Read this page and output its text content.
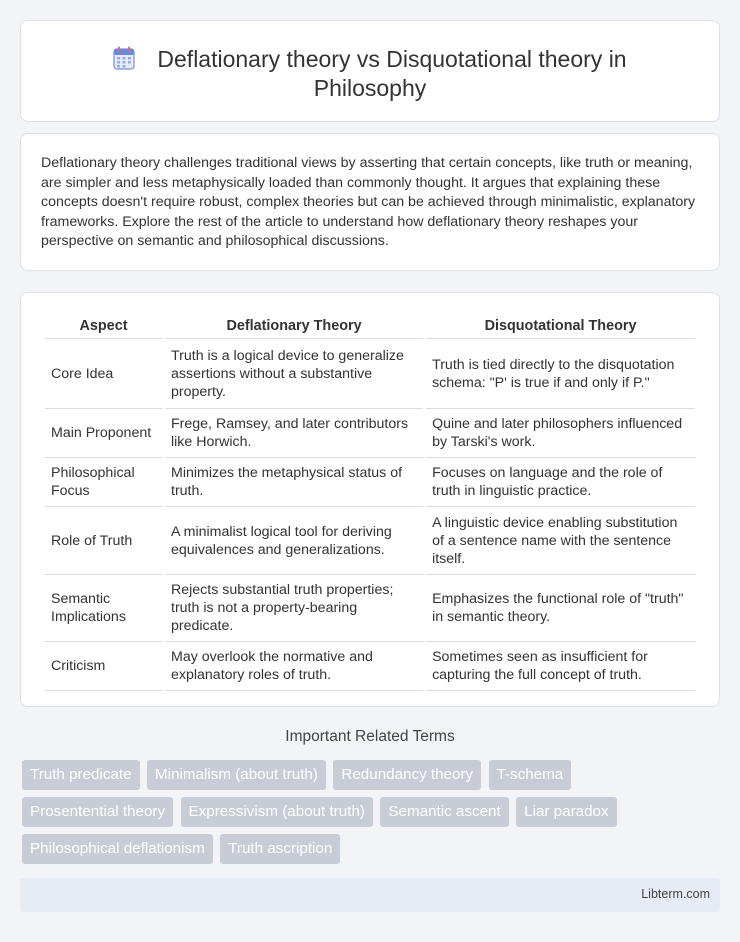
Deflationary theory vs Disquotational theory in
Philosophy

Deflationary theory challenges traditional views by asserting that certain concepts, like truth or meaning, are simpler and less metaphysically loaded than commonly thought. It argues that explaining these concepts doesn't require robust, complex theories but can be achieved through minimalistic, explanatory frameworks. Explore the rest of the article to understand how deflationary theory reshapes your perspective on semantic and philosophical discussions.

Aspect	Deflationary Theory	Disquotational Theory
Core Idea	Truth is a logical device to generalize assertions without a substantive property.	Truth is tied directly to the disquotation schema: "P' is true if and only if P."
Main Proponent	Frege, Ramsey, and later contributors like Horwich.	Quine and later philosophers influenced by Tarski's work.
Philosophical Focus	Minimizes the metaphysical status of truth.	Focuses on language and the role of truth in linguistic practice.
Role of Truth	A minimalist logical tool for deriving equivalences and generalizations.	A linguistic device enabling substitution of a sentence name with the sentence itself.
Semantic Implications	Rejects substantial truth properties; truth is not a property-bearing predicate.	Emphasizes the functional role of "truth" in semantic theory.
Criticism	May overlook the normative and explanatory roles of truth.	Sometimes seen as insufficient for capturing the full concept of truth.
Important Related Terms
Truth predicate Minimalism (about truth) Redundancy theory T-schema Prosentential theory Expressivism (about truth) Semantic ascent Liar paradox Philosophical deflationism Truth ascription
Libterm.com
